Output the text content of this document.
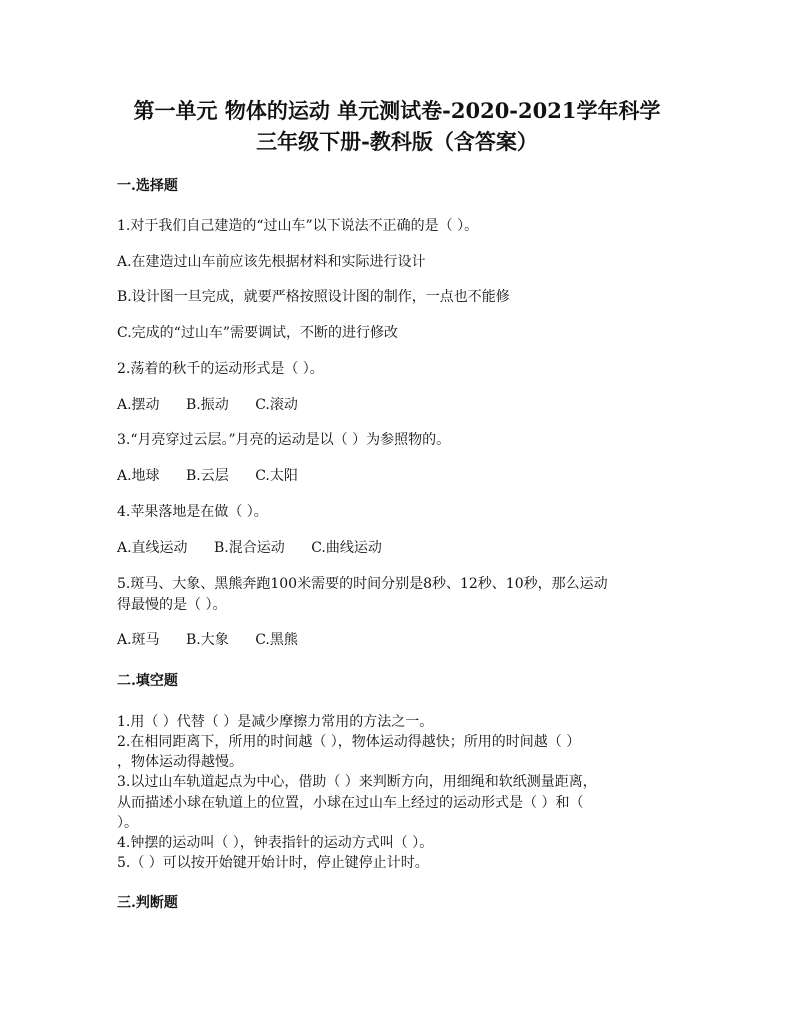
第一单元 物体的运动 单元测试卷-2020-2021学年科学
三年级下册-教科版（含答案）
一.选择题
1.对于我们自己建造的“过山车”以下说法不正确的是（ ）。
A.在建造过山车前应该先根据材料和实际进行设计
B.设计图一旦完成，就要严格按照设计图的制作，一点也不能修
C.完成的“过山车”需要调试，不断的进行修改
2.荡着的秋千的运动形式是（ ）。
A.摆动 B.振动 C.滚动
3.“月亮穿过云层。”月亮的运动是以（ ）为参照物的。
A.地球 B.云层 C.太阳
4.苹果落地是在做（ ）。
A.直线运动 B.混合运动 C.曲线运动
5.斑马、大象、黑熊奔跑100米需要的时间分别是8秒、12秒、10秒，那么运动
得最慢的是（ ）。
A.斑马 B.大象 C.黑熊
二.填空题
1.用（ ）代替（ ）是减少摩擦力常用的方法之一。
2.在相同距离下，所用的时间越（ ），物体运动得越快；所用的时间越（ ）
，物体运动得越慢。
3.以过山车轨道起点为中心，借助（ ）来判断方向，用细绳和软纸测量距离，
从而描述小球在轨道上的位置，小球在过山车上经过的运动形式是（ ）和（
）。
4.钟摆的运动叫（ ），钟表指针的运动方式叫（ ）。
5.（ ）可以按开始键开始计时，停止键停止计时。
三.判断题
